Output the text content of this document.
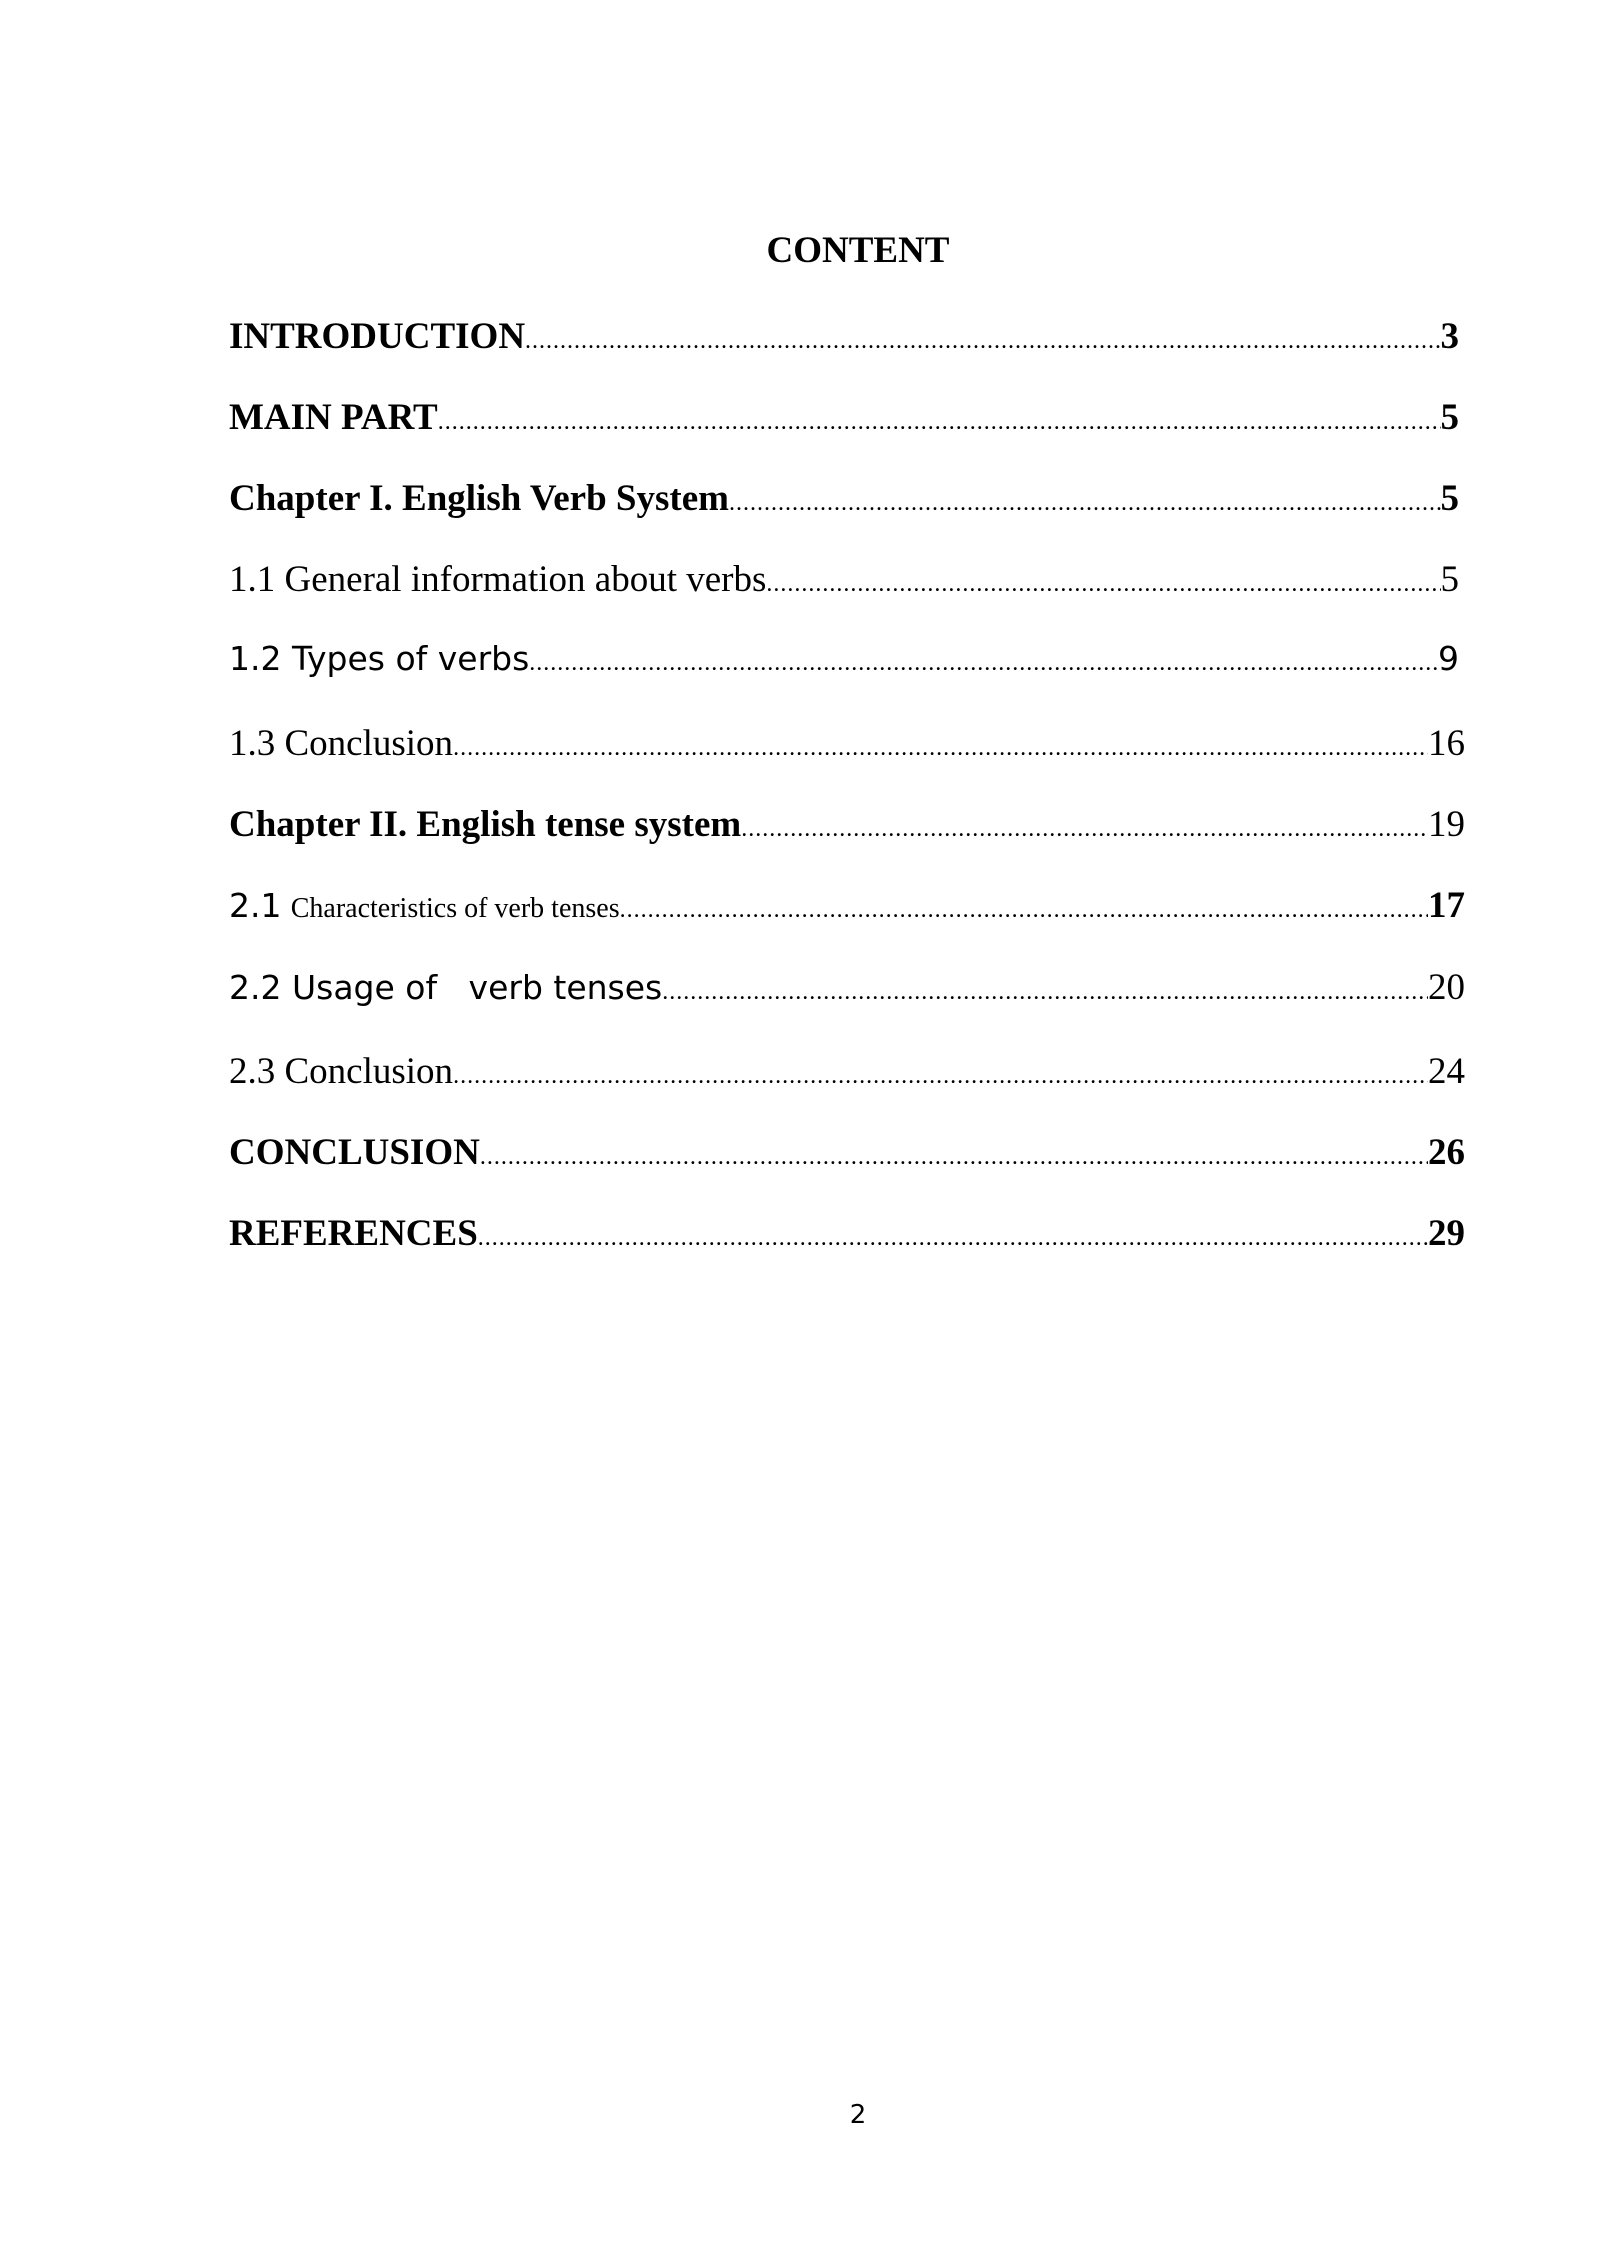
CONTENT
INTRODUCTION .....	3
MAIN PART .....	5
Chapter I. English Verb System .....	5
1.1 General information about verbs .....	5
1.2 Types of verbs .....	9
1.3 Conclusion .....	16
Chapter II. English tense system .....	19
2.1 Characteristics of verb tenses .....	17
2.2 Usage of   verb tenses .....	20
2.3 Conclusion .....	24
CONCLUSION .....	26
REFERENCES .....	29
2
